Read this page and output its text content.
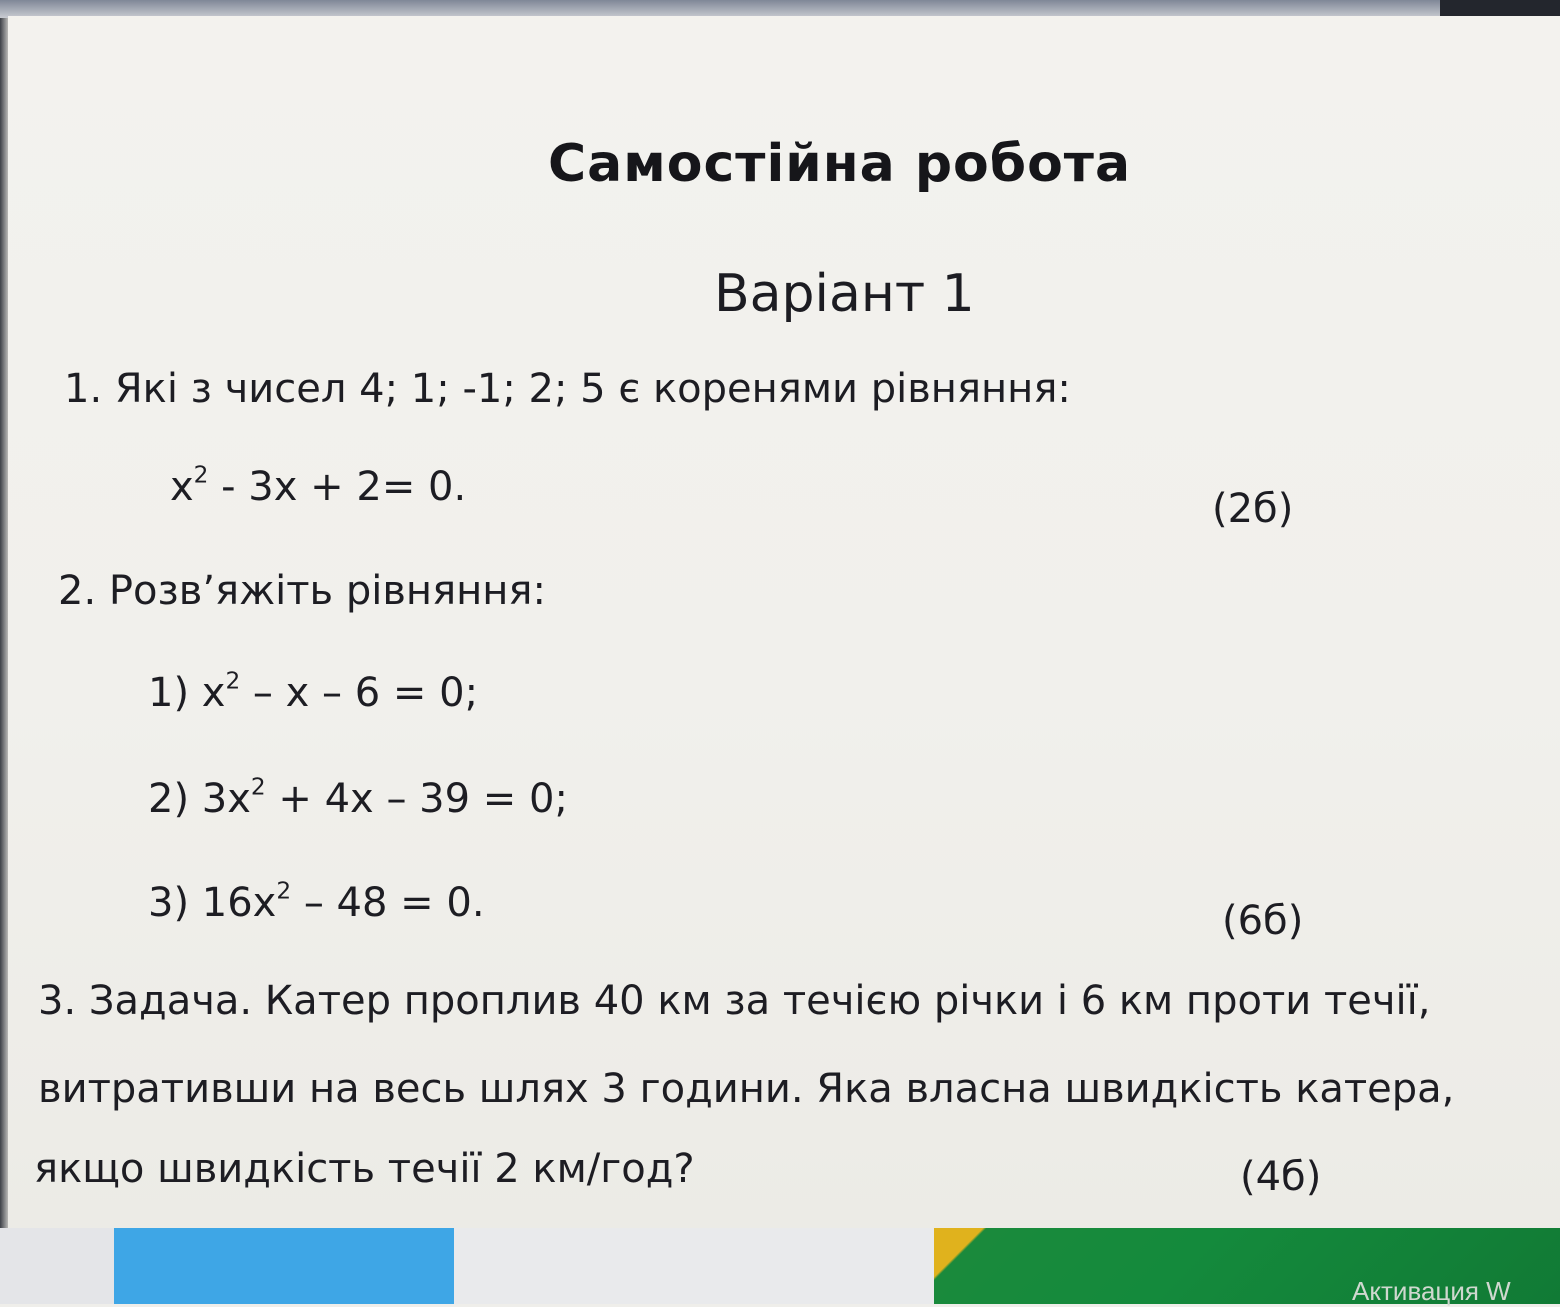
Самостійна робота
Варіант 1
1. Які з чисел 4; 1; -1; 2; 5 є коренями рівняння:
$x^2 - 3x + 2= 0$.	(2б)
2. Розв’яжіть рівняння:
1) $x^2 - x - 6 = 0$;
2) $3x^2 + 4x - 39 = 0$;
3) $16x^2 - 48 = 0$.	(6б)
3. Задача. Катер проплив 40 км за течією річки і 6 км проти течії,
витративши на весь шлях 3 години. Яка власна швидкість катера,
якщо швидкість течії 2 км/год?	(4б)
Активация W
